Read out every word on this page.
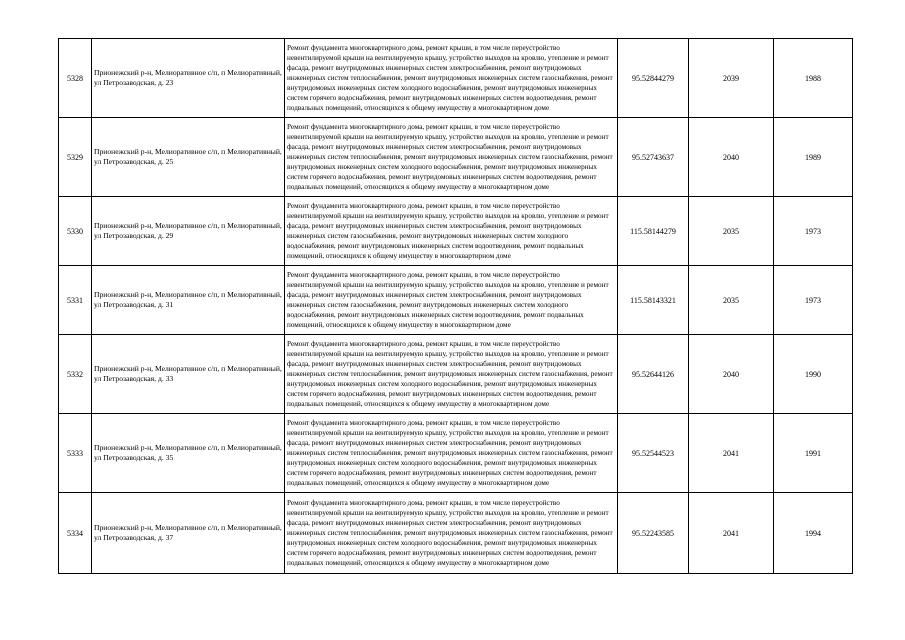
5328	Прионежский р-н, Мелиоративное с/п, п Мелиоративный, ул Петрозаводская, д. 23	Ремонт фундамента многоквартирного дома, ремонт крыши, в том числе переустройство невентилируемой крыши на вентилируемую крышу, устройство выходов на кровлю, утепление и ремонт фасада, ремонт внутридомовых инженерных систем электроснабжения, ремонт внутридомовых инженерных систем теплоснабжения, ремонт внутридомовых инженерных систем газоснабжения, ремонт внутридомовых инженерных систем холодного водоснабжения, ремонт внутридомовых инженерных систем горячего водоснабжения, ремонт внутридомовых инженерных систем водоотведения, ремонт подвальных помещений, относящихся к общему имуществу в многоквартирном доме	95.52844279	2039	1988
5329	Прионежский р-н, Мелиоративное с/п, п Мелиоративный, ул Петрозаводская, д. 25	Ремонт фундамента многоквартирного дома, ремонт крыши, в том числе переустройство невентилируемой крыши на вентилируемую крышу, устройство выходов на кровлю, утепление и ремонт фасада, ремонт внутридомовых инженерных систем электроснабжения, ремонт внутридомовых инженерных систем теплоснабжения, ремонт внутридомовых инженерных систем газоснабжения, ремонт внутридомовых инженерных систем холодного водоснабжения, ремонт внутридомовых инженерных систем горячего водоснабжения, ремонт внутридомовых инженерных систем водоотведения, ремонт подвальных помещений, относящихся к общему имуществу в многоквартирном доме	95.52743637	2040	1989
5330	Прионежский р-н, Мелиоративное с/п, п Мелиоративный, ул Петрозаводская, д. 29	Ремонт фундамента многоквартирного дома, ремонт крыши, в том числе переустройство невентилируемой крыши на вентилируемую крышу, устройство выходов на кровлю, утепление и ремонт фасада, ремонт внутридомовых инженерных систем электроснабжения, ремонт внутридомовых инженерных систем газоснабжения, ремонт внутридомовых инженерных систем холодного водоснабжения, ремонт внутридомовых инженерных систем водоотведения, ремонт подвальных помещений, относящихся к общему имуществу в многоквартирном доме	115.58144279	2035	1973
5331	Прионежский р-н, Мелиоративное с/п, п Мелиоративный, ул Петрозаводская, д. 31	Ремонт фундамента многоквартирного дома, ремонт крыши, в том числе переустройство невентилируемой крыши на вентилируемую крышу, устройство выходов на кровлю, утепление и ремонт фасада, ремонт внутридомовых инженерных систем электроснабжения, ремонт внутридомовых инженерных систем газоснабжения, ремонт внутридомовых инженерных систем холодного водоснабжения, ремонт внутридомовых инженерных систем водоотведения, ремонт подвальных помещений, относящихся к общему имуществу в многоквартирном доме	115.58143321	2035	1973
5332	Прионежский р-н, Мелиоративное с/п, п Мелиоративный, ул Петрозаводская, д. 33	Ремонт фундамента многоквартирного дома, ремонт крыши, в том числе переустройство невентилируемой крыши на вентилируемую крышу, устройство выходов на кровлю, утепление и ремонт фасада, ремонт внутридомовых инженерных систем электроснабжения, ремонт внутридомовых инженерных систем теплоснабжения, ремонт внутридомовых инженерных систем газоснабжения, ремонт внутридомовых инженерных систем холодного водоснабжения, ремонт внутридомовых инженерных систем горячего водоснабжения, ремонт внутридомовых инженерных систем водоотведения, ремонт подвальных помещений, относящихся к общему имуществу в многоквартирном доме	95.52644126	2040	1990
5333	Прионежский р-н, Мелиоративное с/п, п Мелиоративный, ул Петрозаводская, д. 35	Ремонт фундамента многоквартирного дома, ремонт крыши, в том числе переустройство невентилируемой крыши на вентилируемую крышу, устройство выходов на кровлю, утепление и ремонт фасада, ремонт внутридомовых инженерных систем электроснабжения, ремонт внутридомовых инженерных систем теплоснабжения, ремонт внутридомовых инженерных систем газоснабжения, ремонт внутридомовых инженерных систем холодного водоснабжения, ремонт внутридомовых инженерных систем горячего водоснабжения, ремонт внутридомовых инженерных систем водоотведения, ремонт подвальных помещений, относящихся к общему имуществу в многоквартирном доме	95.52544523	2041	1991
5334	Прионежский р-н, Мелиоративное с/п, п Мелиоративный, ул Петрозаводская, д. 37	Ремонт фундамента многоквартирного дома, ремонт крыши, в том числе переустройство невентилируемой крыши на вентилируемую крышу, устройство выходов на кровлю, утепление и ремонт фасада, ремонт внутридомовых инженерных систем электроснабжения, ремонт внутридомовых инженерных систем теплоснабжения, ремонт внутридомовых инженерных систем газоснабжения, ремонт внутридомовых инженерных систем холодного водоснабжения, ремонт внутридомовых инженерных систем горячего водоснабжения, ремонт внутридомовых инженерных систем водоотведения, ремонт подвальных помещений, относящихся к общему имуществу в многоквартирном доме	95.52243585	2041	1994
